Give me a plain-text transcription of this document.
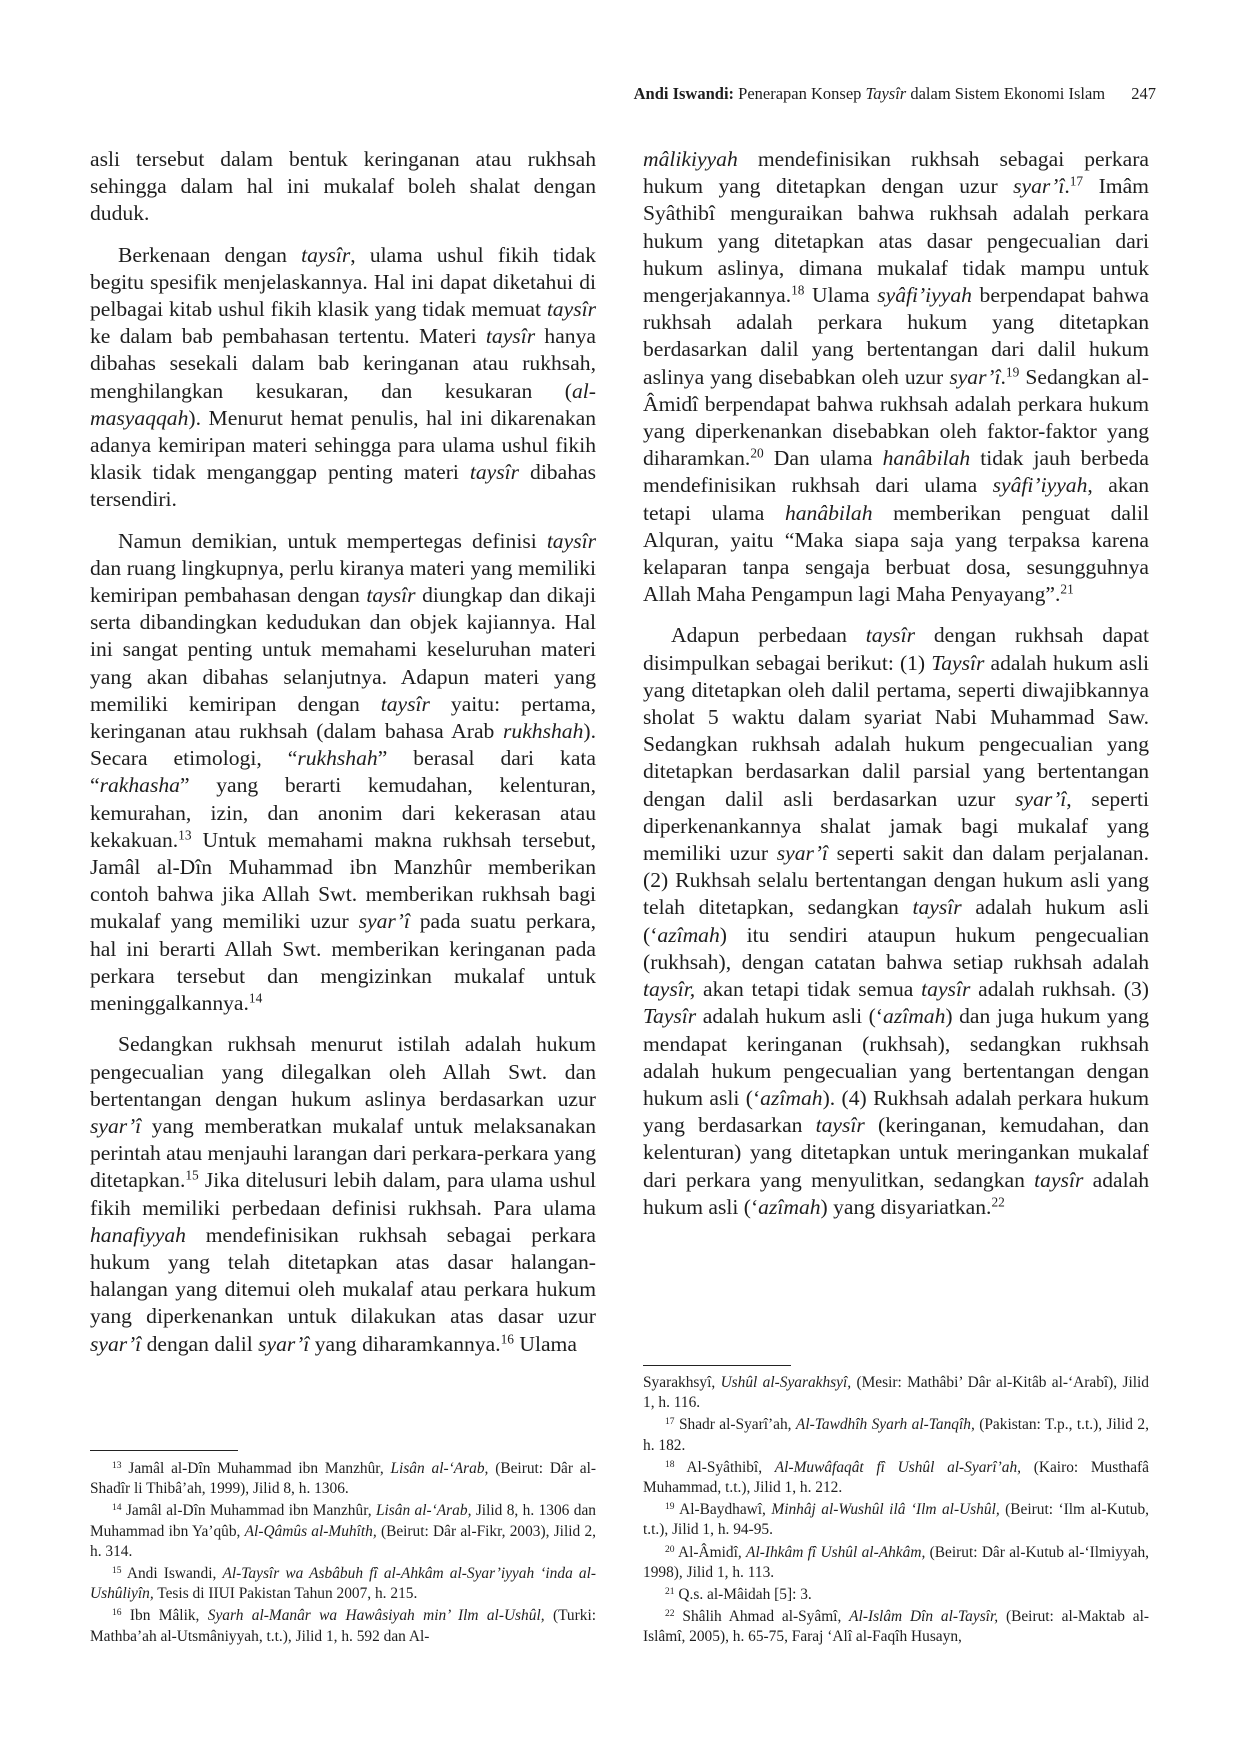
Andi Iswandi: Penerapan Konsep Taysîr dalam Sistem Ekonomi Islam 247

asli tersebut dalam bentuk keringanan atau rukhsah sehingga dalam hal ini mukalaf boleh shalat dengan duduk.

Berkenaan dengan taysîr, ulama ushul fikih tidak begitu spesifik menjelaskannya. Hal ini dapat diketahui di pelbagai kitab ushul fikih klasik yang tidak memuat taysîr ke dalam bab pembahasan tertentu. Materi taysîr hanya dibahas sesekali dalam bab keringanan atau rukhsah, menghilangkan kesukaran, dan kesukaran (al-masyaqqah). Menurut hemat penulis, hal ini dikarenakan adanya kemiripan materi sehingga para ulama ushul fikih klasik tidak menganggap penting materi taysîr dibahas tersendiri.

Namun demikian, untuk mempertegas definisi taysîr dan ruang lingkupnya, perlu kiranya materi yang memiliki kemiripan pembahasan dengan taysîr diungkap dan dikaji serta dibandingkan kedudukan dan objek kajiannya. Hal ini sangat penting untuk memahami keseluruhan materi yang akan dibahas selanjutnya. Adapun materi yang memiliki kemiripan dengan taysîr yaitu: pertama, keringanan atau rukhsah (dalam bahasa Arab rukhshah). Secara etimologi, “rukhshah” berasal dari kata “rakhasha” yang berarti kemudahan, kelenturan, kemurahan, izin, dan anonim dari kekerasan atau kekakuan.$^{13}$ Untuk memahami makna rukhsah tersebut, Jamâl al-Dîn Muhammad ibn Manzhûr memberikan contoh bahwa jika Allah Swt. memberikan rukhsah bagi mukalaf yang memiliki uzur syar’î pada suatu perkara, hal ini berarti Allah Swt. memberikan keringanan pada perkara tersebut dan mengizinkan mukalaf untuk meninggalkannya.$^{14}$

Sedangkan rukhsah menurut istilah adalah hukum pengecualian yang dilegalkan oleh Allah Swt. dan bertentangan dengan hukum aslinya berdasarkan uzur syar’î yang memberatkan mukalaf untuk melaksanakan perintah atau menjauhi larangan dari perkara-perkara yang ditetapkan.$^{15}$ Jika ditelusuri lebih dalam, para ulama ushul fikih memiliki perbedaan definisi rukhsah. Para ulama hanafiyyah mendefinisikan rukhsah sebagai perkara hukum yang telah ditetapkan atas dasar halangan-halangan yang ditemui oleh mukalaf atau perkara hukum yang diperkenankan untuk dilakukan atas dasar uzur syar’î dengan dalil syar’î yang diharamkannya.$^{16}$ Ulama

mâlikiyyah mendefinisikan rukhsah sebagai perkara hukum yang ditetapkan dengan uzur syar’î.$^{17}$ Imâm Syâthibî menguraikan bahwa rukhsah adalah perkara hukum yang ditetapkan atas dasar pengecualian dari hukum aslinya, dimana mukalaf tidak mampu untuk mengerjakannya.$^{18}$ Ulama syâfi’iyyah berpendapat bahwa rukhsah adalah perkara hukum yang ditetapkan berdasarkan dalil yang bertentangan dari dalil hukum aslinya yang disebabkan oleh uzur syar’î.$^{19}$ Sedangkan al-Âmidî berpendapat bahwa rukhsah adalah perkara hukum yang diperkenankan disebabkan oleh faktor-faktor yang diharamkan.$^{20}$ Dan ulama hanâbilah tidak jauh berbeda mendefinisikan rukhsah dari ulama syâfi’iyyah, akan tetapi ulama hanâbilah memberikan penguat dalil Alquran, yaitu “Maka siapa saja yang terpaksa karena kelaparan tanpa sengaja berbuat dosa, sesungguhnya Allah Maha Pengampun lagi Maha Penyayang”.$^{21}$

Adapun perbedaan taysîr dengan rukhsah dapat disimpulkan sebagai berikut: (1) Taysîr adalah hukum asli yang ditetapkan oleh dalil pertama, seperti diwajibkannya sholat 5 waktu dalam syariat Nabi Muhammad Saw. Sedangkan rukhsah adalah hukum pengecualian yang ditetapkan berdasarkan dalil parsial yang bertentangan dengan dalil asli berdasarkan uzur syar’î, seperti diperkenankannya shalat jamak bagi mukalaf yang memiliki uzur syar’î seperti sakit dan dalam perjalanan. (2) Rukhsah selalu bertentangan dengan hukum asli yang telah ditetapkan, sedangkan taysîr adalah hukum asli (‘azîmah) itu sendiri ataupun hukum pengecualian (rukhsah), dengan catatan bahwa setiap rukhsah adalah taysîr, akan tetapi tidak semua taysîr adalah rukhsah. (3) Taysîr adalah hukum asli (‘azîmah) dan juga hukum yang mendapat keringanan (rukhsah), sedangkan rukhsah adalah hukum pengecualian yang bertentangan dengan hukum asli (‘azîmah). (4) Rukhsah adalah perkara hukum yang berdasarkan taysîr (keringanan, kemudahan, dan kelenturan) yang ditetapkan untuk meringankan mukalaf dari perkara yang menyulitkan, sedangkan taysîr adalah hukum asli (‘azîmah) yang disyariatkan.$^{22}$

$^{13}$ Jamâl al-Dîn Muhammad ibn Manzhûr, Lisân al-‘Arab, (Beirut: Dâr al-Shadîr li Thibâ’ah, 1999), Jilid 8, h. 1306.

$^{14}$ Jamâl al-Dîn Muhammad ibn Manzhûr, Lisân al-‘Arab, Jilid 8, h. 1306 dan Muhammad ibn Ya’qûb, Al-Qâmûs al-Muhîth, (Beirut: Dâr al-Fikr, 2003), Jilid 2, h. 314.

$^{15}$ Andi Iswandi, Al-Taysîr wa Asbâbuh fî al-Ahkâm al-Syar’iyyah ‘inda al-Ushûliyîn, Tesis di IIUI Pakistan Tahun 2007, h. 215.

$^{16}$ Ibn Mâlik, Syarh al-Manâr wa Hawâsiyah min’ Ilm al-Ushûl, (Turki: Mathba’ah al-Utsmâniyyah, t.t.), Jilid 1, h. 592 dan Al-

Syarakhsyî, Ushûl al-Syarakhsyî, (Mesir: Mathâbi’ Dâr al-Kitâb al-‘Arabî), Jilid 1, h. 116.

$^{17}$ Shadr al-Syarî’ah, Al-Tawdhîh Syarh al-Tanqîh, (Pakistan: T.p., t.t.), Jilid 2, h. 182.

$^{18}$ Al-Syâthibî, Al-Muwâfaqât fî Ushûl al-Syarî’ah, (Kairo: Musthafâ Muhammad, t.t.), Jilid 1, h. 212.

$^{19}$ Al-Baydhawî, Minhâj al-Wushûl ilâ ‘Ilm al-Ushûl, (Beirut: ‘Ilm al-Kutub, t.t.), Jilid 1, h. 94-95.

$^{20}$ Al-Âmidî, Al-Ihkâm fî Ushûl al-Ahkâm, (Beirut: Dâr al-Kutub al-‘Ilmiyyah, 1998), Jilid 1, h. 113.

$^{21}$ Q.s. al-Mâidah [5]: 3.

$^{22}$ Shâlih Ahmad al-Syâmî, Al-Islâm Dîn al-Taysîr, (Beirut: al-Maktab al-Islâmî, 2005), h. 65-75, Faraj ‘Alî al-Faqîh Husayn,
